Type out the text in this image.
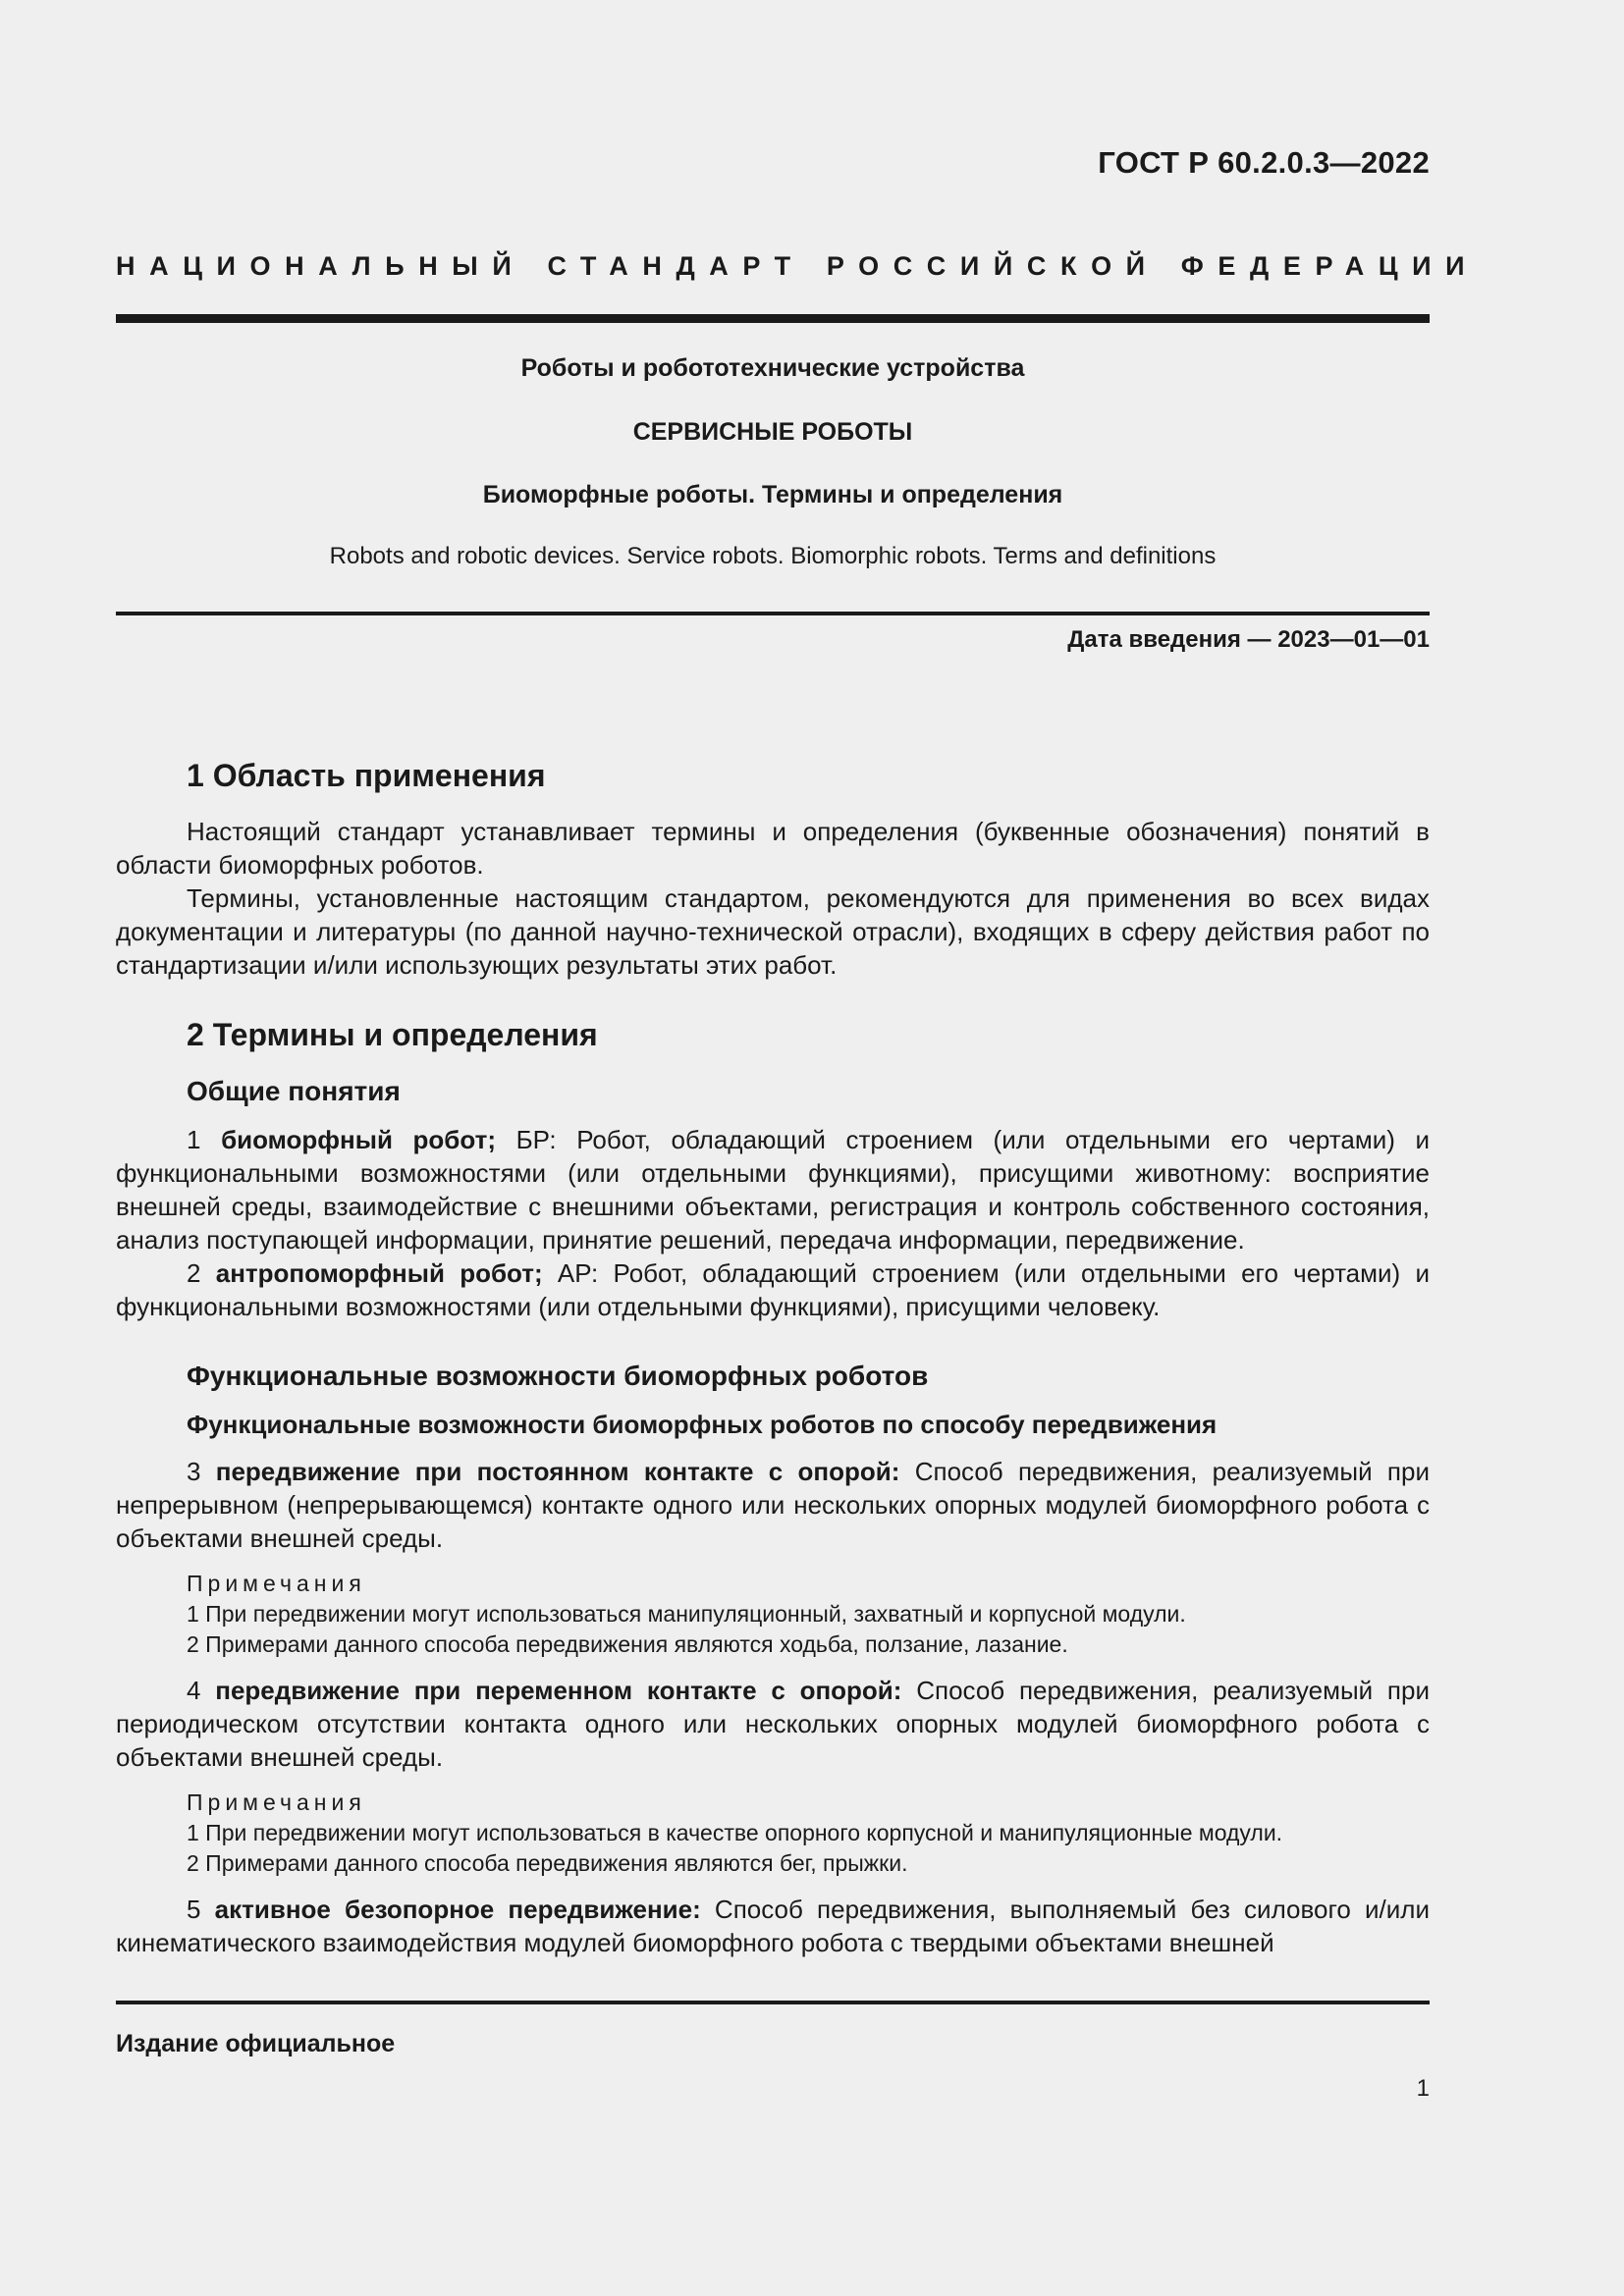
ГОСТ Р 60.2.0.3—2022
НАЦИОНАЛЬНЫЙ СТАНДАРТ РОССИЙСКОЙ ФЕДЕРАЦИИ
Роботы и робототехнические устройства
СЕРВИСНЫЕ РОБОТЫ
Биоморфные роботы. Термины и определения
Robots and robotic devices. Service robots. Biomorphic robots. Terms and definitions
Дата введения — 2023—01—01
1 Область применения

Настоящий стандарт устанавливает термины и определения (буквенные обозначения) понятий в области биоморфных роботов.

Термины, установленные настоящим стандартом, рекомендуются для применения во всех видах документации и литературы (по данной научно-технической отрасли), входящих в сферу действия работ по стандартизации и/или использующих результаты этих работ.

2 Термины и определения
Общие понятия

1 биоморфный робот; БР: Робот, обладающий строением (или отдельными его чертами) и функциональными возможностями (или отдельными функциями), присущими животному: восприятие внешней среды, взаимодействие с внешними объектами, регистрация и контроль собственного состояния, анализ поступающей информации, принятие решений, передача информации, передвижение.

2 антропоморфный робот; АР: Робот, обладающий строением (или отдельными его чертами) и функциональными возможностями (или отдельными функциями), присущими человеку.

Функциональные возможности биоморфных роботов
Функциональные возможности биоморфных роботов по способу передвижения

3 передвижение при постоянном контакте с опорой: Способ передвижения, реализуемый при непрерывном (непрерывающемся) контакте одного или нескольких опорных модулей биоморфного робота с объектами внешней среды.

Примечания
1 При передвижении могут использоваться манипуляционный, захватный и корпусной модули.
2 Примерами данного способа передвижения являются ходьба, ползание, лазание.

4 передвижение при переменном контакте с опорой: Способ передвижения, реализуемый при периодическом отсутствии контакта одного или нескольких опорных модулей биоморфного робота с объектами внешней среды.

Примечания
1 При передвижении могут использоваться в качестве опорного корпусной и манипуляционные модули.
2 Примерами данного способа передвижения являются бег, прыжки.

5 активное безопорное передвижение: Способ передвижения, выполняемый без силового и/или кинематического взаимодействия модулей биоморфного робота с твердыми объектами внешней

Издание официальное
1
